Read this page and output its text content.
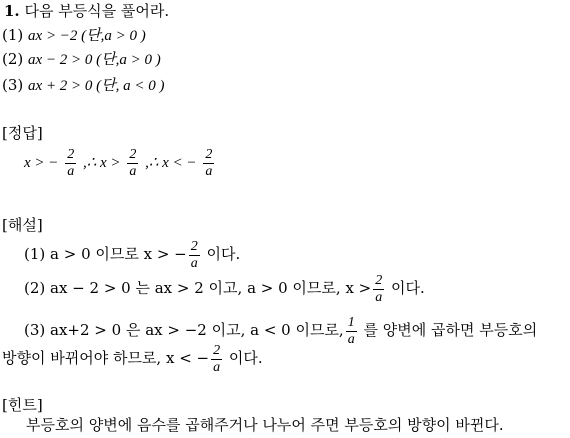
1. 다음 부등식을 풀어라.
(1) ax > −2 (단,a > 0 )
(2) ax − 2 > 0 (단,a > 0 )
(3) ax + 2 > 0 (단, a < 0 )
[정답]
x > − $\frac{2}{a}$ ,∴ $x > \frac{2}{a}$ ,∴ x < − $\frac{2}{a}$
[해설]
(1) a > 0 이므로 x > − $\frac{2}{a}$ 이다.
(2) ax − 2 > 0 는 ax > 2 이고, a > 0 이므로, $x > \frac{2}{a}$ 이다.
(3) ax+2 > 0 은 ax > −2 이고, a < 0 이므로, $\frac{1}{a}$ 를 양변에 곱하면 부등호의
방향이 바뀌어야 하므로, x < − $\frac{2}{a}$ 이다.
[힌트]
부등호의 양변에 음수를 곱해주거나 나누어 주면 부등호의 방향이 바뀐다.
